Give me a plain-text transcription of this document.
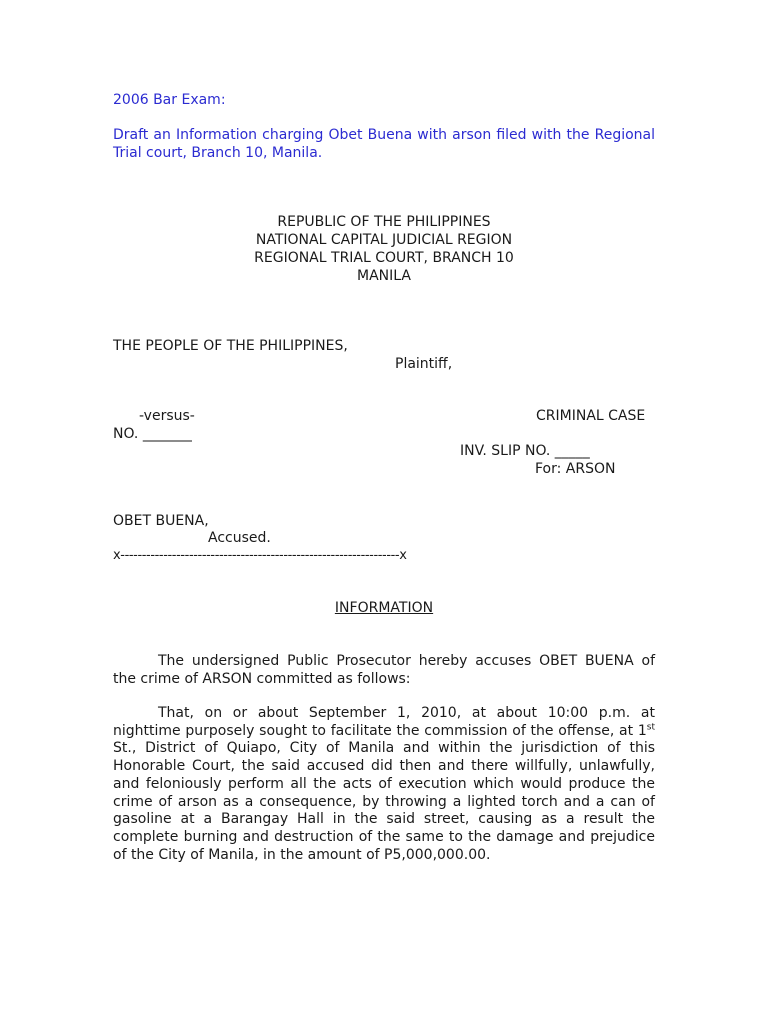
2006 Bar Exam:
Draft an Information charging Obet Buena with arson filed with the Regional Trial court, Branch 10, Manila.
REPUBLIC OF THE PHILIPPINES
NATIONAL CAPITAL JUDICIAL REGION
REGIONAL TRIAL COURT, BRANCH 10
MANILA
THE PEOPLE OF THE PHILIPPINES,
Plaintiff,
-versus-	CRIMINAL CASE
NO. _______
INV. SLIP NO. _____
For: ARSON
OBET BUENA,
Accused.
x-----------------------------------------------------------------x
INFORMATION
The undersigned Public Prosecutor hereby accuses OBET BUENA of the crime of ARSON committed as follows:
That, on or about September 1, 2010, at about 10:00 p.m. at nighttime purposely sought to facilitate the commission of the offense, at 1st St., District of Quiapo, City of Manila and within the jurisdiction of this Honorable Court, the said accused did then and there willfully, unlawfully, and feloniously perform all the acts of execution which would produce the crime of arson as a consequence, by throwing a lighted torch and a can of gasoline at a Barangay Hall in the said street, causing as a result the complete burning and destruction of the same to the damage and prejudice of the City of Manila, in the amount of P5,000,000.00.
